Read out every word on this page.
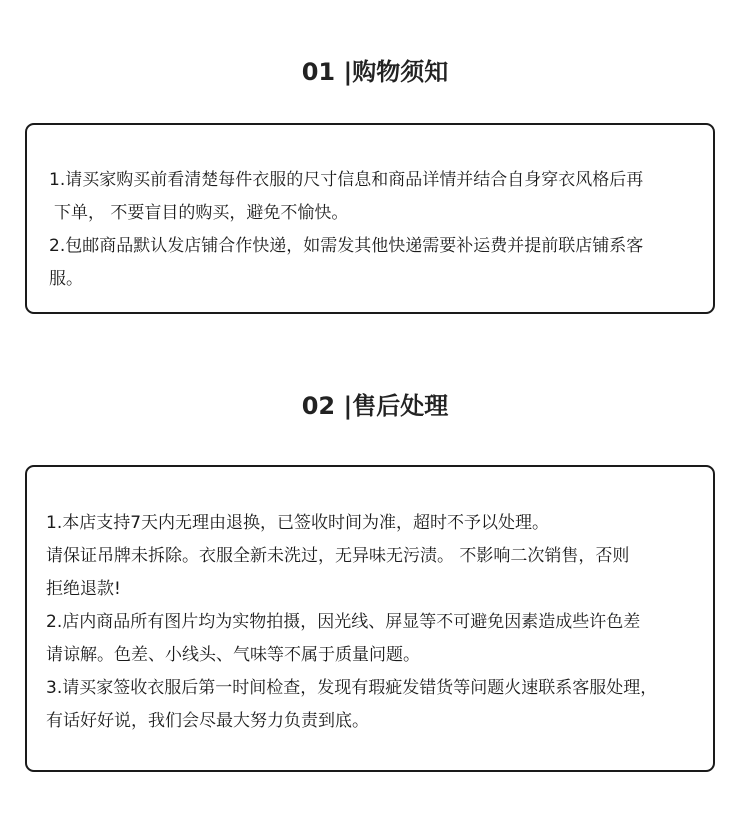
01 |购物须知
1.请买家购买前看清楚每件衣服的尺寸信息和商品详情并结合自身穿衣风格后再
下单， 不要盲目的购买，避免不愉快。
2.包邮商品默认发店铺合作快递，如需发其他快递需要补运费并提前联店铺系客
服。
02 |售后处理
1.本店支持7天内无理由退换，已签收时间为准，超时不予以处理。
请保证吊牌未拆除。衣服全新未洗过，无异味无污渍。 不影响二次销售，否则
拒绝退款!
2.店内商品所有图片均为实物拍摄，因光线、屏显等不可避免因素造成些许色差
请谅解。色差、小线头、气味等不属于质量问题。
3.请买家签收衣服后第一时间检查，发现有瑕疵发错货等问题火速联系客服处理，
有话好好说，我们会尽最大努力负责到底。
